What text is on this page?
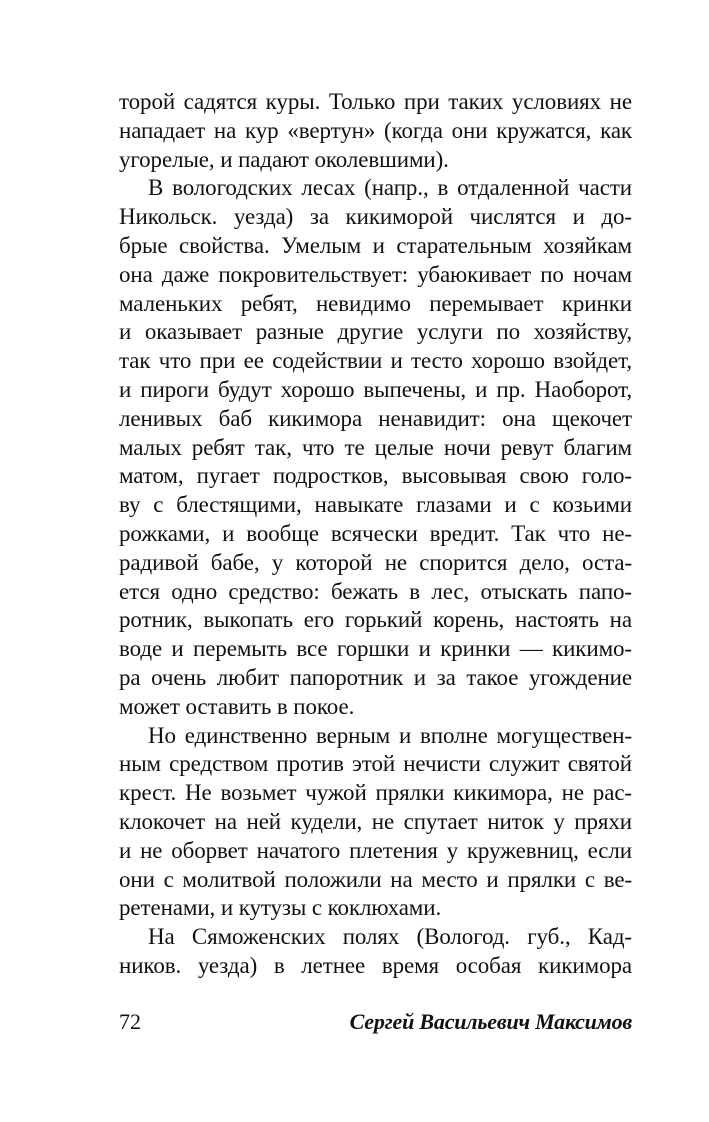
торой садятся куры. Только при таких условиях не
нападает на кур «вертун» (когда они кружатся, как
угорелые, и падают околевшими).
В вологодских лесах (напр., в отдаленной части
Никольск. уезда) за кикиморой числятся и до-
брые свойства. Умелым и старательным хозяйкам
она даже покровительствует: убаюкивает по ночам
маленьких ребят, невидимо перемывает кринки
и оказывает разные другие услуги по хозяйству,
так что при ее содействии и тесто хорошо взойдет,
и пироги будут хорошо выпечены, и пр. Наоборот,
ленивых баб кикимора ненавидит: она щекочет
малых ребят так, что те целые ночи ревут благим
матом, пугает подростков, высовывая свою голо-
ву с блестящими, навыкате глазами и с козьими
рожками, и вообще всячески вредит. Так что не-
радивой бабе, у которой не спорится дело, оста-
ется одно средство: бежать в лес, отыскать папо-
ротник, выкопать его горький корень, настоять на
воде и перемыть все горшки и кринки — кикимо-
ра очень любит папоротник и за такое угождение
может оставить в покое.
Но единственно верным и вполне могуществен-
ным средством против этой нечисти служит святой
крест. Не возьмет чужой прялки кикимора, не рас-
клокочет на ней кудели, не спутает ниток у пряхи
и не оборвет начатого плетения у кружевниц, если
они с молитвой положили на место и прялки с ве-
ретенами, и кутузы с коклюхами.
На Сяможенских полях (Вологод. губ., Кад-
ников. уезда) в летнее время особая кикимора
72	Сергей Васильевич Максимов
